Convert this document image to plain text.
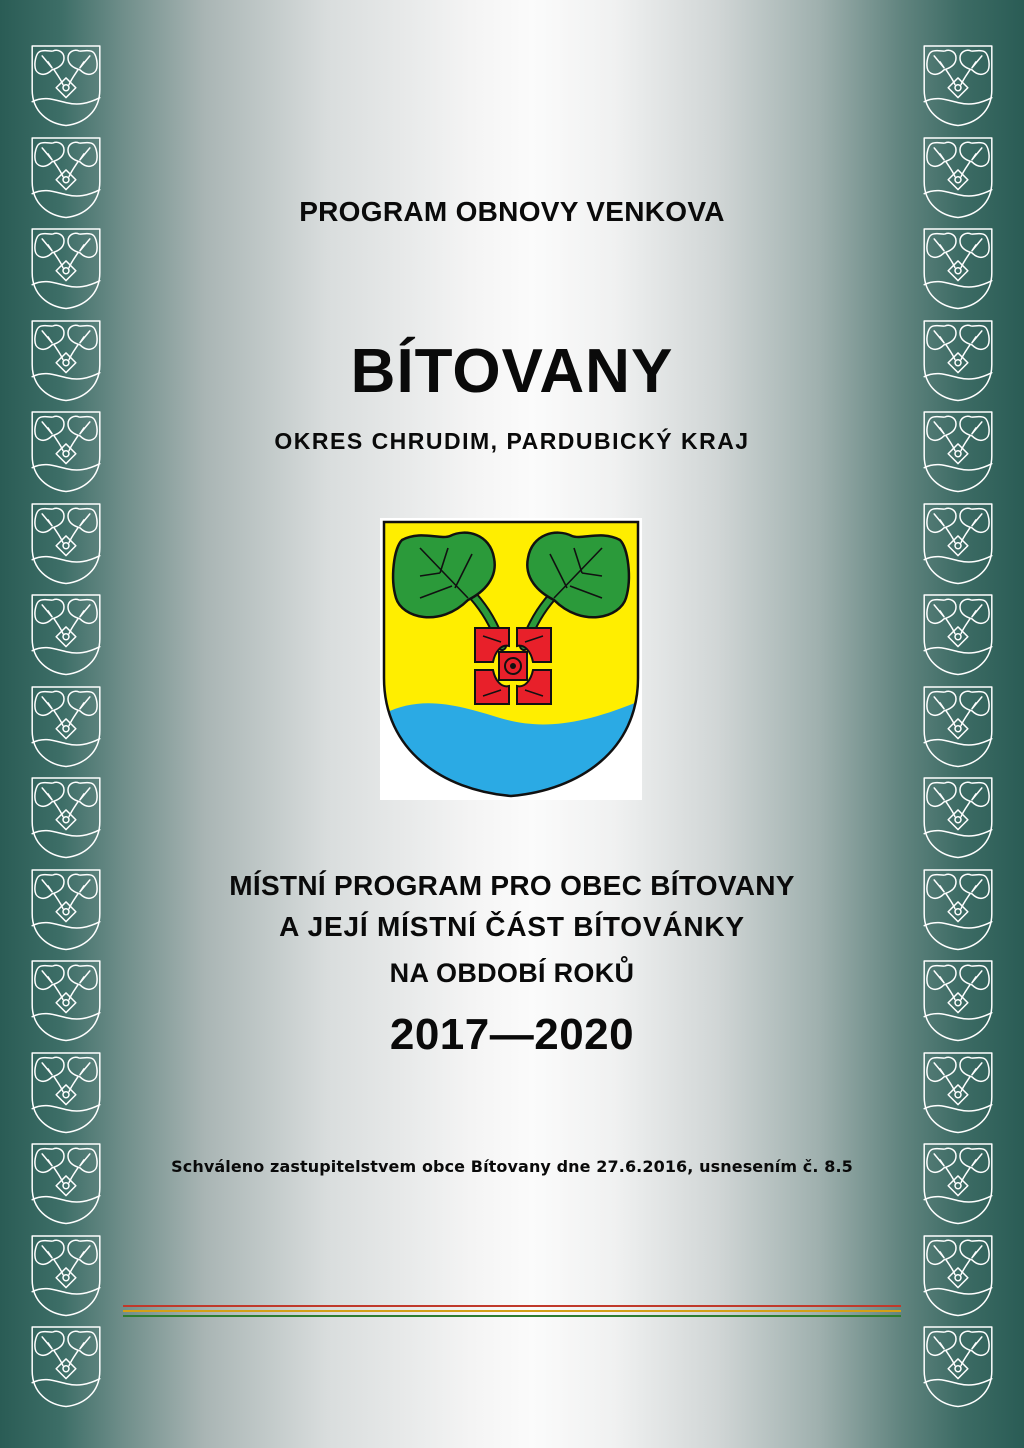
PROGRAM OBNOVY VENKOVA
BÍTOVANY
OKRES CHRUDIM, PARDUBICKÝ KRAJ
MÍSTNÍ PROGRAM PRO OBEC BÍTOVANY
A JEJÍ MÍSTNÍ ČÁST BÍTOVÁNKY
NA OBDOBÍ ROKŮ
2017—2020
Schváleno zastupitelstvem obce Bítovany dne 27.6.2016, usnesením č. 8.5
